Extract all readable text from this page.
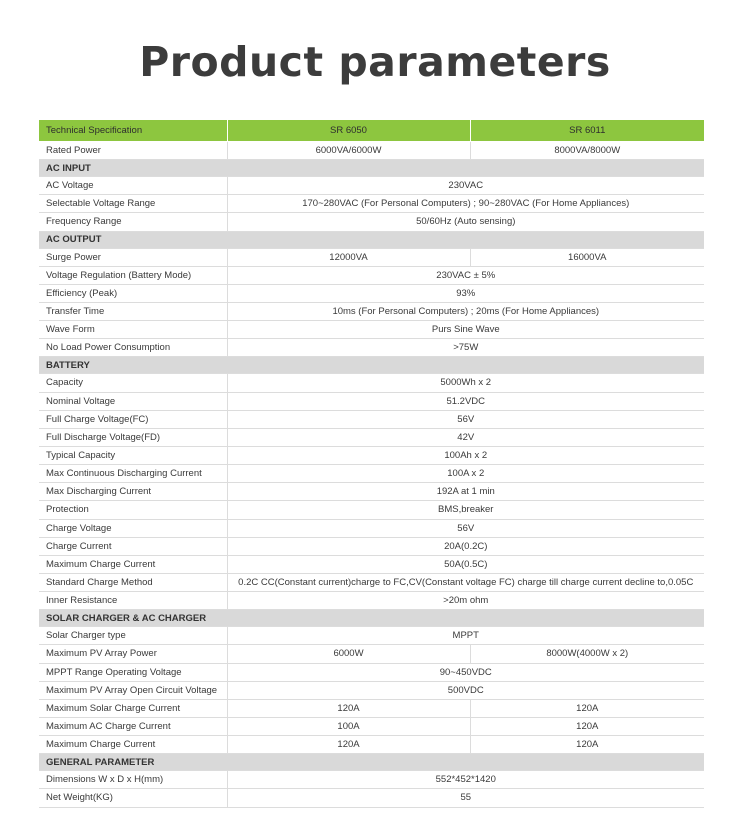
Product parameters
Technical Specification	SR 6050	SR 6011
Rated Power	6000VA/6000W	8000VA/8000W
AC INPUT		
AC Voltage	230VAC	
Selectable Voltage Range	170~280VAC (For Personal Computers) ; 90~280VAC (For Home Appliances)	
Frequency Range	50/60Hz (Auto sensing)	
AC OUTPUT		
Surge Power	12000VA	16000VA
Voltage Regulation (Battery Mode)	230VAC ± 5%	
Efficiency (Peak)	93%	
Transfer Time	10ms (For Personal Computers) ; 20ms (For Home Appliances)	
Wave Form	Purs Sine Wave	
No Load Power Consumption	>75W	
BATTERY		
Capacity	5000Wh x 2	
Nominal Voltage	51.2VDC	
Full Charge Voltage(FC)	56V	
Full Discharge Voltage(FD)	42V	
Typical Capacity	100Ah x 2	
Max Continuous Discharging Current	100A x 2	
Max Discharging Current	192A at 1 min	
Protection	BMS,breaker	
Charge Voltage	56V	
Charge Current	20A(0.2C)	
Maximum Charge Current	50A(0.5C)	
Standard Charge Method	0.2C CC(Constant current)charge to FC,CV(Constant voltage FC) charge till charge current decline to,0.05C	
Inner Resistance	>20m ohm	
SOLAR CHARGER & AC CHARGER		
Solar Charger type	MPPT	
Maximum PV Array Power	6000W	8000W(4000W x 2)
MPPT Range Operating Voltage	90~450VDC	
Maximum PV Array Open Circuit Voltage	500VDC	
Maximum Solar Charge Current	120A	120A
Maximum AC Charge Current	100A	120A
Maximum Charge Current	120A	120A
GENERAL PARAMETER		
Dimensions W x D x H(mm)	552*452*1420	
Net Weight(KG)	55	
